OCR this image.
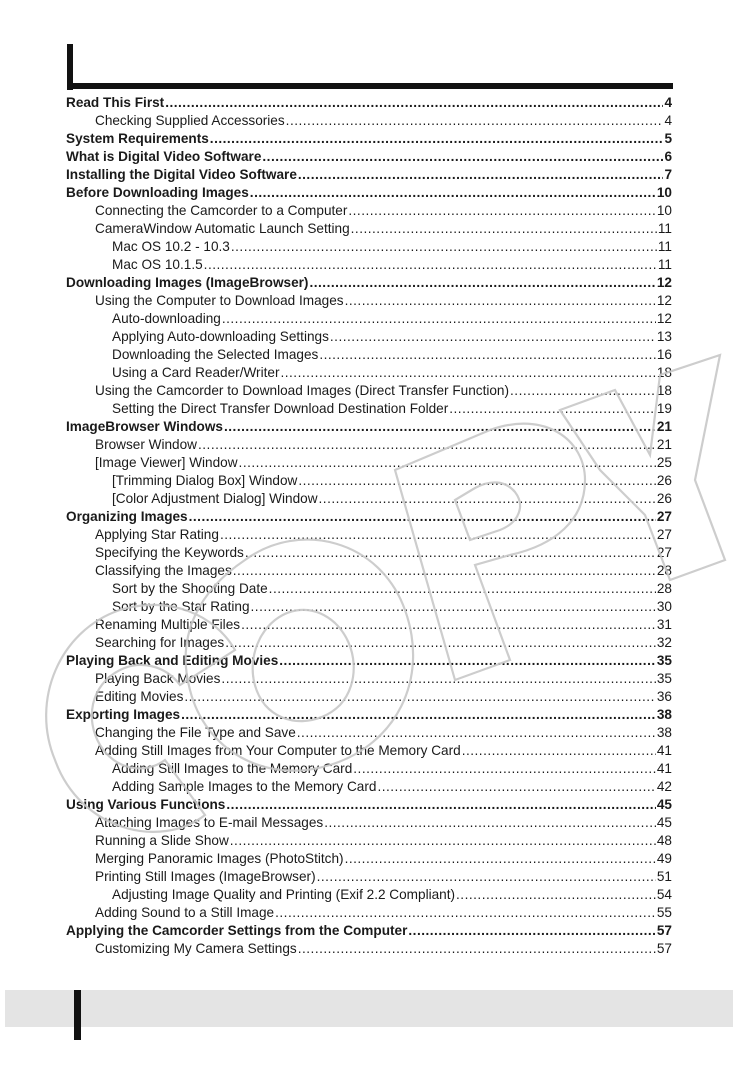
Read This First .....	4
Checking Supplied Accessories .....	4
System Requirements .....	5
What is Digital Video Software .....	6
Installing the Digital Video Software .....	7
Before Downloading Images .....	10
Connecting the Camcorder to a Computer .....	10
CameraWindow Automatic Launch Setting .....	11
Mac OS 10.2 - 10.3 .....	11
Mac OS 10.1.5 .....	11
Downloading Images (ImageBrowser) .....	12
Using the Computer to Download Images .....	12
Auto-downloading .....	12
Applying Auto-downloading Settings .....	13
Downloading the Selected Images .....	16
Using a Card Reader/Writer .....	18
Using the Camcorder to Download Images (Direct Transfer Function) .....	18
Setting the Direct Transfer Download Destination Folder .....	19
ImageBrowser Windows .....	21
Browser Window .....	21
[Image Viewer] Window .....	25
[Trimming Dialog Box] Window .....	26
[Color Adjustment Dialog] Window .....	26
Organizing Images .....	27
Applying Star Rating .....	27
Specifying the Keywords .....	27
Classifying the Images .....	28
Sort by the Shooting Date .....	28
Sort by the Star Rating .....	30
Renaming Multiple Files .....	31
Searching for Images .....	32
Playing Back and Editing Movies .....	35
Playing Back Movies .....	35
Editing Movies .....	36
Exporting Images .....	38
Changing the File Type and Save .....	38
Adding Still Images from Your Computer to the Memory Card .....	41
Adding Still Images to the Memory Card .....	41
Adding Sample Images to the Memory Card .....	42
Using Various Functions .....	45
Attaching Images to E-mail Messages .....	45
Running a Slide Show .....	48
Merging Panoramic Images (PhotoStitch) .....	49
Printing Still Images (ImageBrowser) .....	51
Adjusting Image Quality and Printing (Exif 2.2 Compliant) .....	54
Adding Sound to a Still Image .....	55
Applying the Camcorder Settings from the Computer .....	57
Customizing My Camera Settings .....	57
